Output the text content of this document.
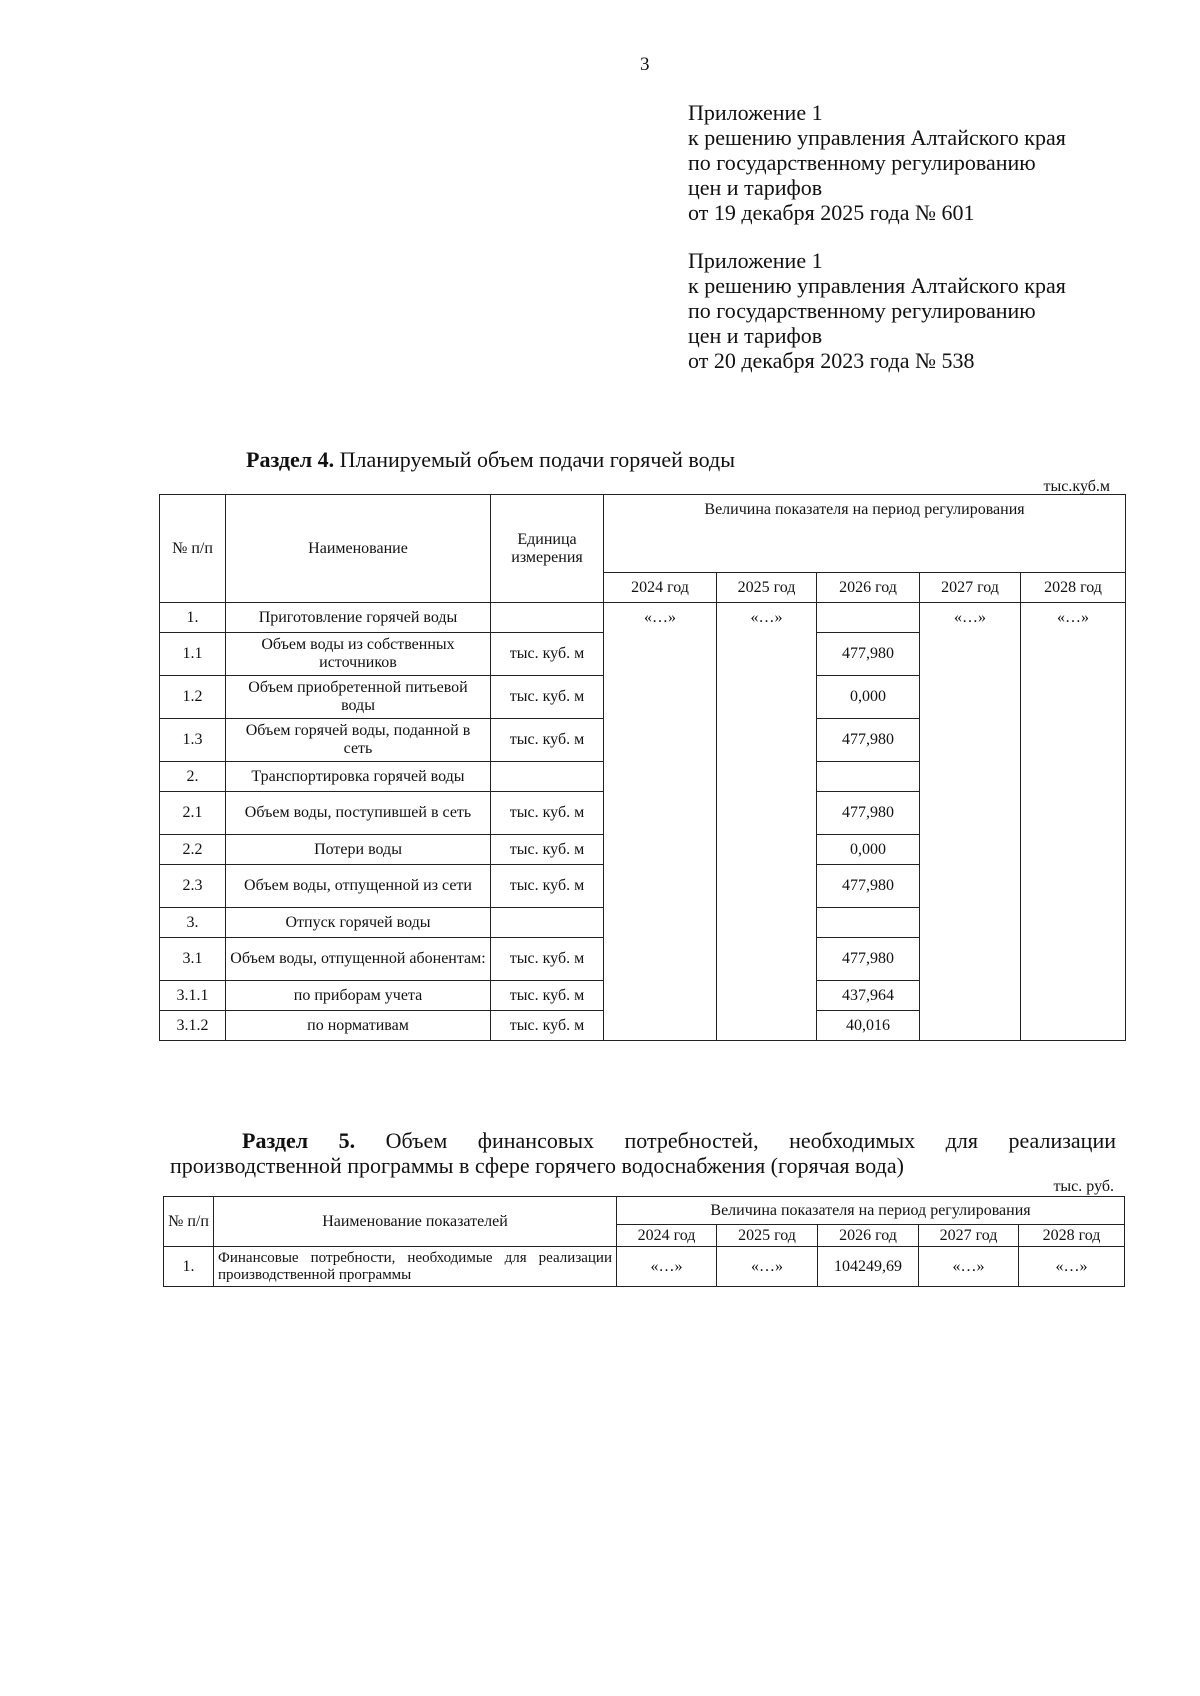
3
Приложение 1
к решению управления Алтайского края
по государственному регулированию
цен и тарифов
от 19 декабря 2025 года № 601
Приложение 1
к решению управления Алтайского края
по государственному регулированию
цен и тарифов
от 20 декабря 2023 года № 538
Раздел 4. Планируемый объем подачи горячей воды
тыс.куб.м
№ п/п	Наименование	Единица измерения	Величина показателя на период регулирования				
			2024 год	2025 год	2026 год	2027 год	2028 год
1.	Приготовление горячей воды		«…»	«…»		«…»	«…»
1.1	Объем воды из собственных источников	тыс. куб. м			477,980		
1.2	Объем приобретенной питьевой воды	тыс. куб. м			0,000		
1.3	Объем горячей воды, поданной в сеть	тыс. куб. м			477,980		
2.	Транспортировка горячей воды						
2.1	Объем воды, поступившей в сеть	тыс. куб. м			477,980		
2.2	Потери воды	тыс. куб. м			0,000		
2.3	Объем воды, отпущенной из сети	тыс. куб. м			477,980		
3.	Отпуск горячей воды						
3.1	Объем воды, отпущенной абонентам:	тыс. куб. м			477,980		
3.1.1	по приборам учета	тыс. куб. м			437,964		
3.1.2	по нормативам	тыс. куб. м			40,016		
Раздел 5. Объем финансовых потребностей, необходимых для реализации
производственной программы в сфере горячего водоснабжения (горячая вода)
тыс. руб.
№ п/п	Наименование показателей	Величина показателя на период регулирования				
		2024 год	2025 год	2026 год	2027 год	2028 год
1.	Финансовые потребности, необходимые для реализации производственной программы	«…»	«…»	104249,69	«…»	«…»
